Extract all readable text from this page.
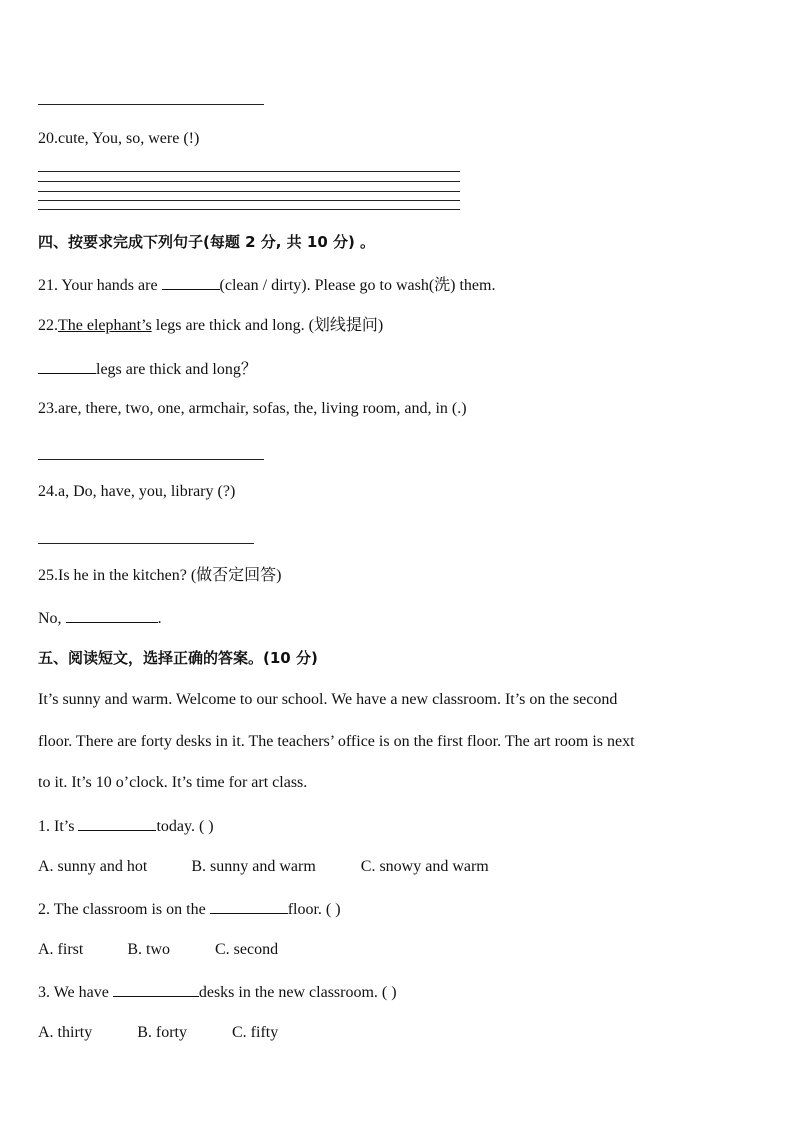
20.cute, You, so, were (!)
四、按要求完成下列句子(每题 2 分, 共 10 分) 。
21. Your hands are	(clean / dirty). Please go to wash(洗) them.
22.The elephant’s legs are thick and long. (划线提问)
legs are thick and long？
23.are, there, two, one, armchair, sofas, the, living room, and, in (.)
24.a, Do, have, you, library (?)
25.Is he in the kitchen? (做否定回答)
No,	.
五、阅读短文，选择正确的答案。(10 分)
It’s sunny and warm. Welcome to our school. We have a new classroom. It’s on the second
floor. There are forty desks in it. The teachers’ office is on the first floor. The art room is next
to it. It’s 10 o’clock. It’s time for art class.
1. It’s	today. ( )
A. sunny and hot	B. sunny and warm	C. snowy and warm
2. The classroom is on the	floor. ( )
A. first	B. two	C. second
3. We have	desks in the new classroom. ( )
A. thirty	B. forty	C. fifty
